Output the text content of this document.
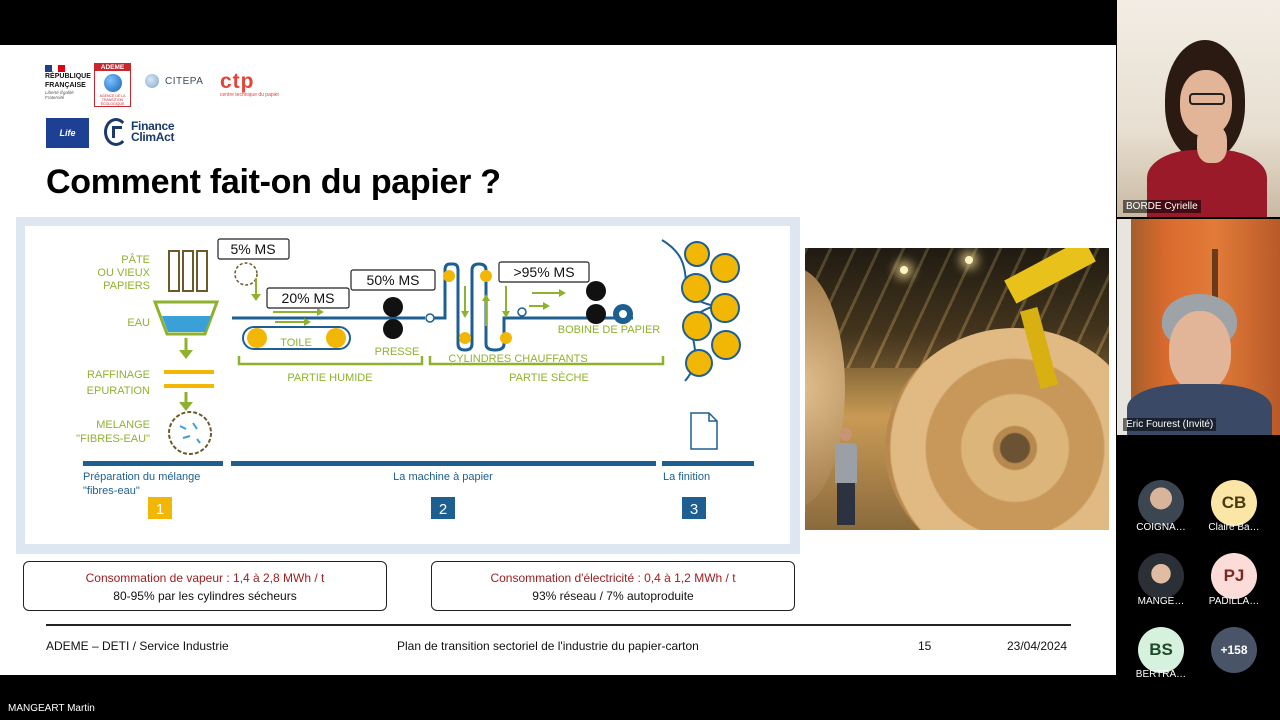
RÉPUBLIQUE
FRANÇAISE
Liberté Égalité Fraternité
ADEME
AGENCE DE LA TRANSITION ÉCOLOGIQUE
CITEPA ctp
centre technique du papier
Life	Finance
ClimAct
Comment fait-on du papier ?
PÂTE
OU VIEUX
PAPIERS
EAU
RAFFINAGE
EPURATION
MELANGE
"FIBRES-EAU"
5% MS
20% MS
TOILE
PRESSE
50% MS
CYLINDRES CHAUFFANTS
>95% MS
BOBINE DE PAPIER
PARTIE HUMIDE	PARTIE SÈCHE
Préparation du mélange
"fibres-eau"
La machine à papier	La finition
1	2	3
Consommation de vapeur : 1,4 à 2,8 MWh / t
80-95% par les cylindres sécheurs
Consommation d'électricité : 0,4 à 1,2 MWh / t
93% réseau / 7% autoproduite
ADEME – DETI / Service Industrie	Plan de transition sectoriel de l'industrie du papier-carton	15	23/04/2024
BORDE Cyrielle
Eric Fourest (Invité)
COIGNA…
CB
Claire Ba…
MANGE…
PJ
PADILLA…
BS
BERTRA…
+158
MANGEART Martin
